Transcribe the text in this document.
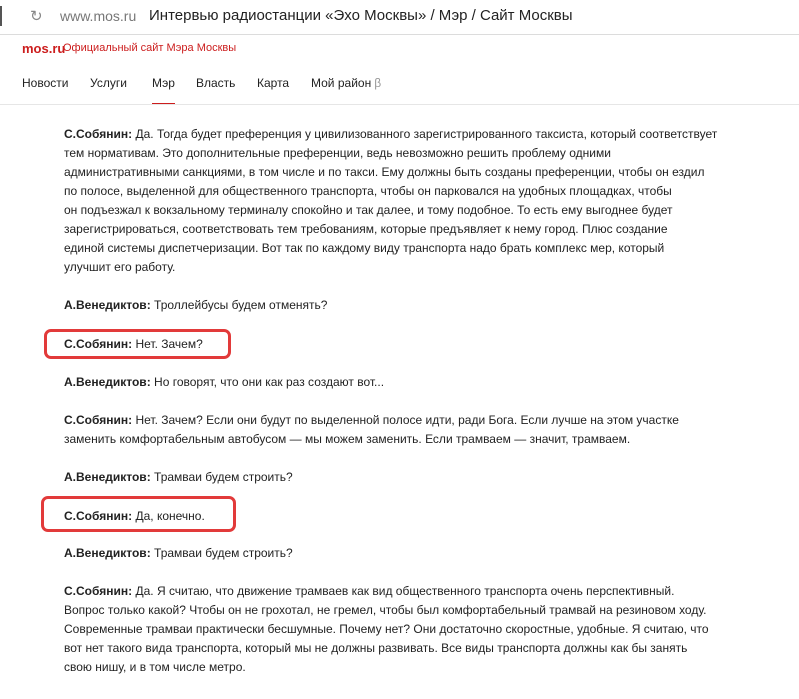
↻ www.mos.ru Интервью радиостанции «Эхо Москвы» / Мэр / Сайт Москвы
mos.ru
Официальный сайт Мэра Москвы
Новости Услуги Мэр Власть Карта Мой район β
С.Собянин: Да. Тогда будет преференция у цивилизованного зарегистрированного таксиста, который соответствует
тем нормативам. Это дополнительные преференции, ведь невозможно решить проблему одними
административными санкциями, в том числе и по такси. Ему должны быть созданы преференции, чтобы он ездил
по полосе, выделенной для общественного транспорта, чтобы он парковался на удобных площадках, чтобы
он подъезжал к вокзальному терминалу спокойно и так далее, и тому подобное. То есть ему выгоднее будет
зарегистрироваться, соответствовать тем требованиям, которые предъявляет к нему город. Плюс создание
единой системы диспетчеризации. Вот так по каждому виду транспорта надо брать комплекс мер, который
улучшит его работу.
А.Венедиктов: Троллейбусы будем отменять?
С.Собянин: Нет. Зачем?
А.Венедиктов: Но говорят, что они как раз создают вот...
С.Собянин: Нет. Зачем? Если они будут по выделенной полосе идти, ради Бога. Если лучше на этом участке
заменить комфортабельным автобусом — мы можем заменить. Если трамваем — значит, трамваем.
А.Венедиктов: Трамваи будем строить?
С.Собянин: Да, конечно.
А.Венедиктов: Трамваи будем строить?
С.Собянин: Да. Я считаю, что движение трамваев как вид общественного транспорта очень перспективный.
Вопрос только какой? Чтобы он не грохотал, не гремел, чтобы был комфортабельный трамвай на резиновом ходу.
Современные трамваи практически бесшумные. Почему нет? Они достаточно скоростные, удобные. Я считаю, что
вот нет такого вида транспорта, который мы не должны развивать. Все виды транспорта должны как бы занять
свою нишу, и в том числе метро.
